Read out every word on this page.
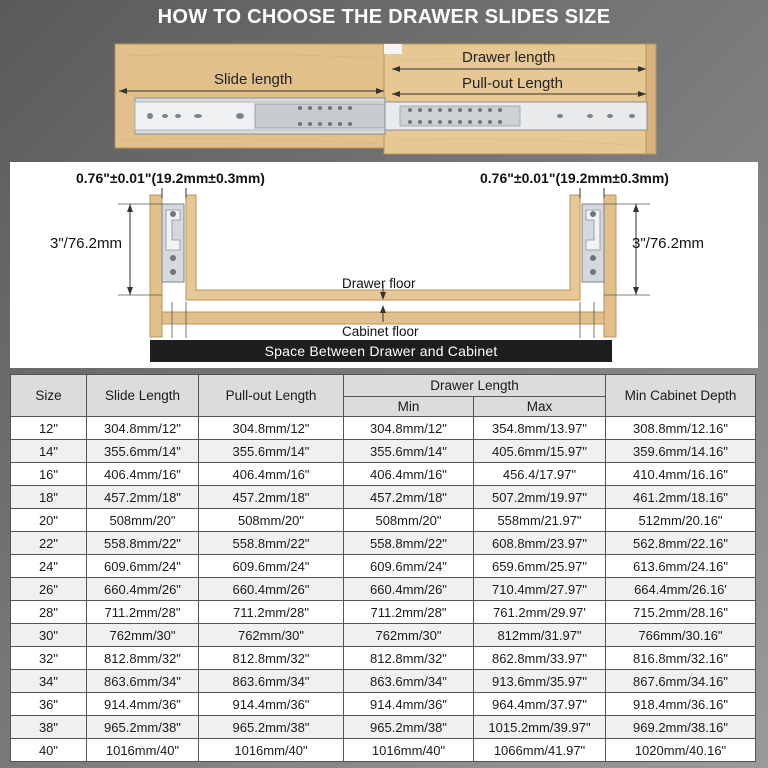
HOW TO CHOOSE THE DRAWER SLIDES SIZE
Slide length
Drawer length
Pull-out Length
0.76"±0.01"(19.2mm±0.3mm)	0.76"±0.01"(19.2mm±0.3mm)
3"/76.2mm	3"/76.2mm
Drawer floor
Cabinet floor
Space Between Drawer and Cabinet
Size	Slide Length	Pull-out Length	Drawer Length		Min Cabinet Depth
			Min	Max	
12"	304.8mm/12"	304.8mm/12"	304.8mm/12"	354.8mm/13.97"	308.8mm/12.16"
14"	355.6mm/14"	355.6mm/14"	355.6mm/14"	405.6mm/15.97"	359.6mm/14.16"
16"	406.4mm/16"	406.4mm/16"	406.4mm/16"	456.4/17.97"	410.4mm/16.16"
18"	457.2mm/18"	457.2mm/18"	457.2mm/18"	507.2mm/19.97"	461.2mm/18.16"
20"	508mm/20"	508mm/20"	508mm/20"	558mm/21.97"	512mm/20.16"
22"	558.8mm/22"	558.8mm/22"	558.8mm/22"	608.8mm/23.97"	562.8mm/22.16"
24"	609.6mm/24"	609.6mm/24"	609.6mm/24"	659.6mm/25.97"	613.6mm/24.16"
26"	660.4mm/26"	660.4mm/26"	660.4mm/26"	710.4mm/27.97"	664.4mm/26.16'
28"	711.2mm/28"	711.2mm/28"	711.2mm/28"	761.2mm/29.97'	715.2mm/28.16"
30"	762mm/30"	762mm/30"	762mm/30"	812mm/31.97"	766mm/30.16"
32"	812.8mm/32"	812.8mm/32"	812.8mm/32"	862.8mm/33.97"	816.8mm/32.16"
34"	863.6mm/34"	863.6mm/34"	863.6mm/34"	913.6mm/35.97"	867.6mm/34.16"
36"	914.4mm/36"	914.4mm/36"	914.4mm/36"	964.4mm/37.97"	918.4mm/36.16"
38"	965.2mm/38"	965.2mm/38"	965.2mm/38"	1015.2mm/39.97"	969.2mm/38.16"
40"	1016mm/40"	1016mm/40"	1016mm/40"	1066mm/41.97"	1020mm/40.16"
